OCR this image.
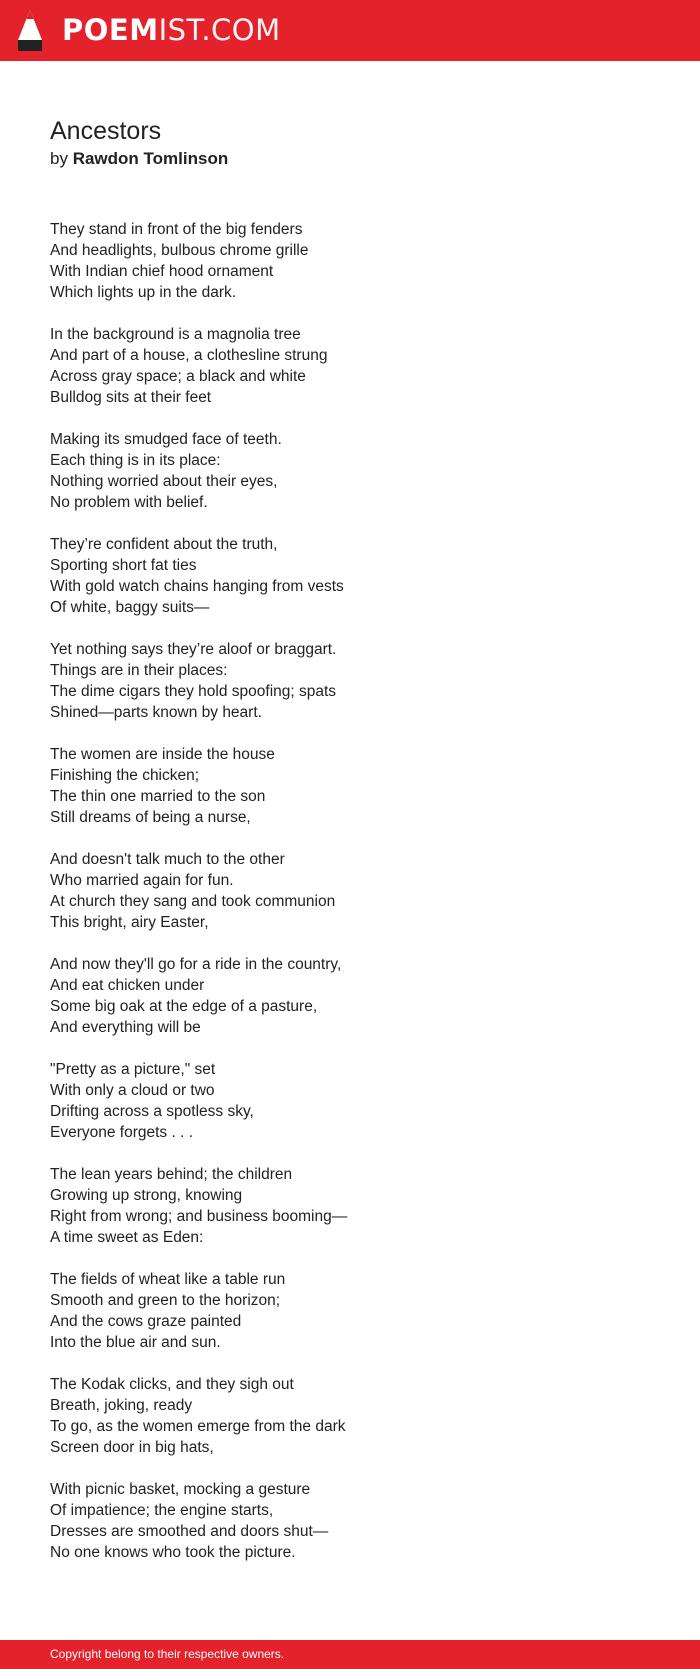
POEMIST.COM
Ancestors
by Rawdon Tomlinson
They stand in front of the big fenders
And headlights, bulbous chrome grille
With Indian chief hood ornament
Which lights up in the dark.
In the background is a magnolia tree
And part of a house, a clothesline strung
Across gray space; a black and white
Bulldog sits at their feet
Making its smudged face of teeth.
Each thing is in its place:
Nothing worried about their eyes,
No problem with belief.
They’re confident about the truth,
Sporting short fat ties
With gold watch chains hanging from vests
Of white, baggy suits—
Yet nothing says they’re aloof or braggart.
Things are in their places:
The dime cigars they hold spoofing; spats
Shined—parts known by heart.
The women are inside the house
Finishing the chicken;
The thin one married to the son
Still dreams of being a nurse,
And doesn't talk much to the other
Who married again for fun.
At church they sang and took communion
This bright, airy Easter,
And now they'll go for a ride in the country,
And eat chicken under
Some big oak at the edge of a pasture,
And everything will be
"Pretty as a picture," set
With only a cloud or two
Drifting across a spotless sky,
Everyone forgets . . .
The lean years behind; the children
Growing up strong, knowing
Right from wrong; and business booming—
A time sweet as Eden:
The fields of wheat like a table run
Smooth and green to the horizon;
And the cows graze painted
Into the blue air and sun.
The Kodak clicks, and they sigh out
Breath, joking, ready
To go, as the women emerge from the dark
Screen door in big hats,
With picnic basket, mocking a gesture
Of impatience; the engine starts,
Dresses are smoothed and doors shut—
No one knows who took the picture.
Copyright belong to their respective owners.
